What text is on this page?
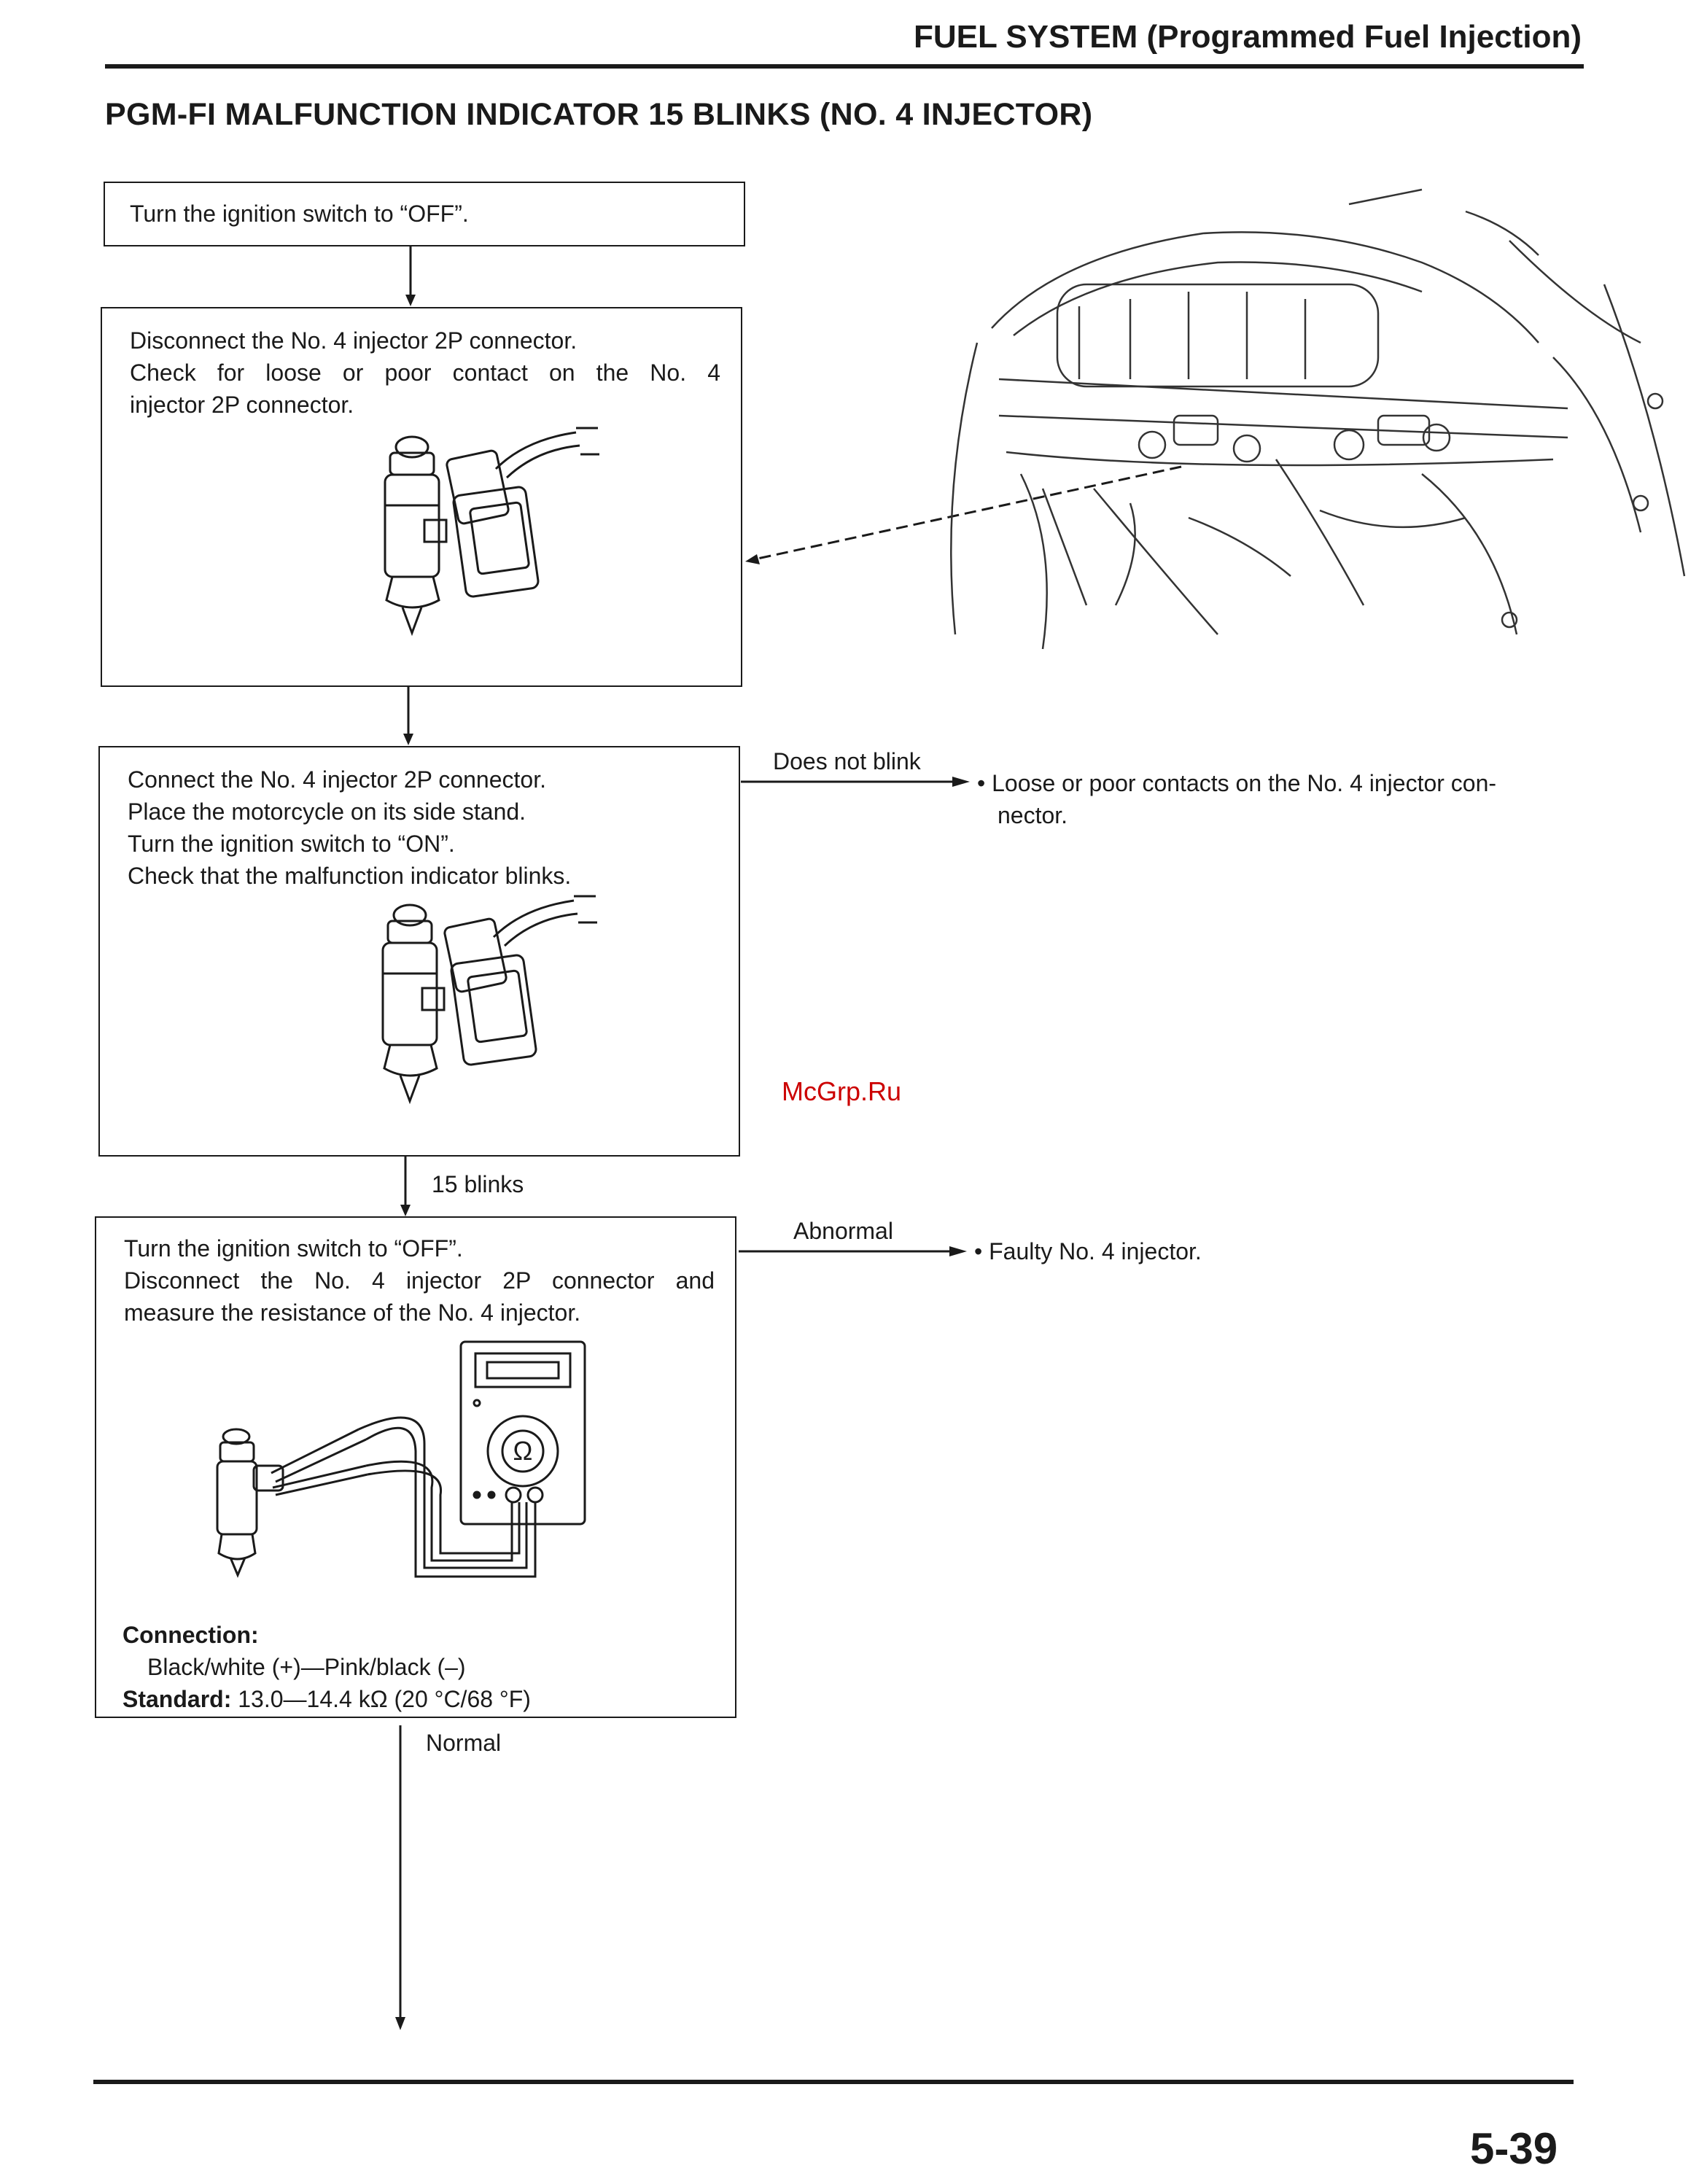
FUEL SYSTEM (Programmed Fuel Injection)
PGM-FI MALFUNCTION INDICATOR 15 BLINKS (NO. 4 INJECTOR)
Turn the ignition switch to “OFF”.
Disconnect the No. 4 injector 2P connector.
Check for loose or poor contact on the No. 4
injector 2P connector.
Does not blink
• Loose or poor contacts on the No. 4 injector con-
nector.
Connect the No. 4 injector 2P connector.
Place the motorcycle on its side stand.
Turn the ignition switch to “ON”.
Check that the malfunction indicator blinks.
McGrp.Ru
15 blinks
Abnormal
• Faulty No. 4 injector.
Turn the ignition switch to “OFF”.
Disconnect the No. 4 injector 2P connector and
measure the resistance of the No. 4 injector.
Ω
Connection:
Black/white (+)—Pink/black (–)
Standard: 13.0—14.4 kΩ (20 °C/68 °F)
Normal
5-39
